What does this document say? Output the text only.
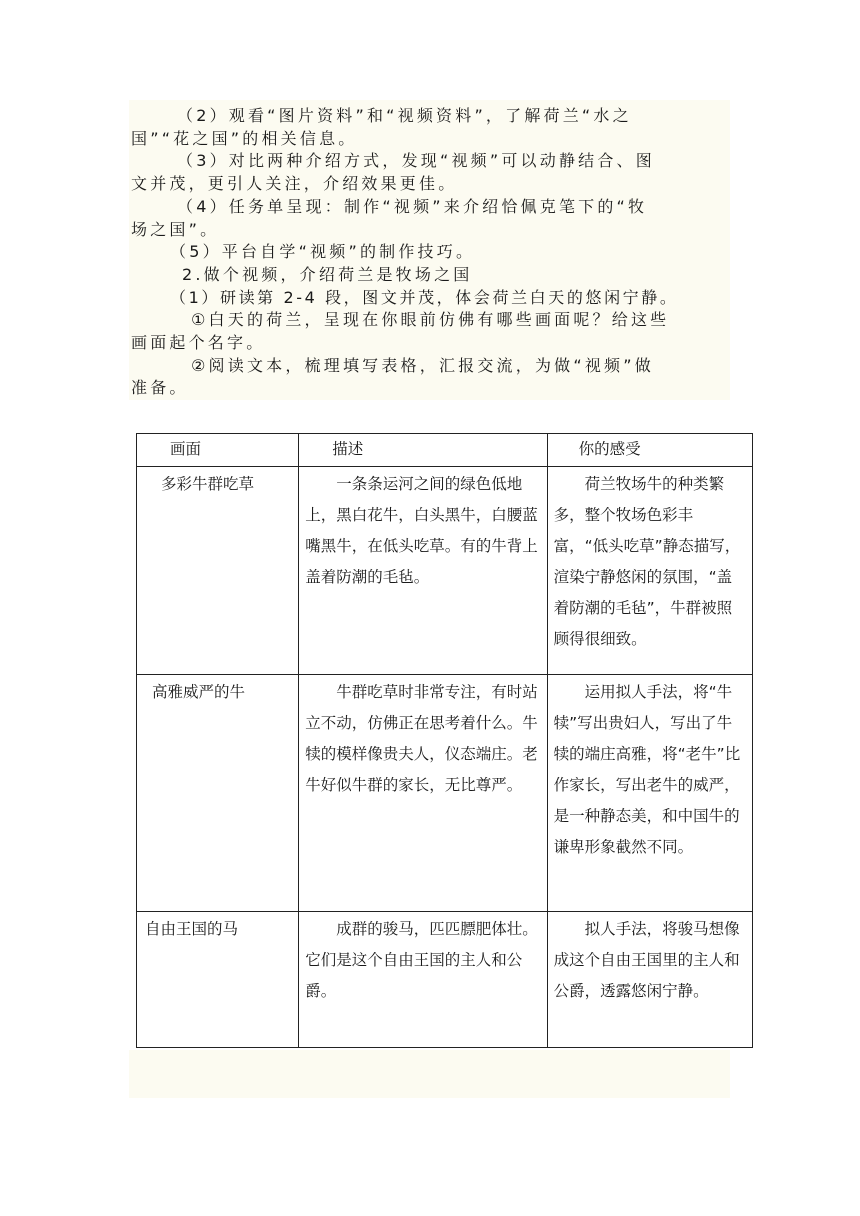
（2）观看“图片资料”和“视频资料”，了解荷兰“水之
国”“花之国”的相关信息。
（3）对比两种介绍方式，发现“视频”可以动静结合、图
文并茂，更引人关注，介绍效果更佳。
（4）任务单呈现：制作“视频”来介绍恰佩克笔下的“牧
场之国”。
（5）平台自学“视频”的制作技巧。
2.做个视频，介绍荷兰是牧场之国
（1）研读第 2-4 段，图文并茂，体会荷兰白天的悠闲宁静。
①白天的荷兰，呈现在你眼前仿佛有哪些画面呢？给这些
画面起个名字。
②阅读文本，梳理填写表格，汇报交流，为做“视频”做
准备。
画面	描述	你的感受

多彩牛群吃草	一条条运河之间的绿色低地上，黑白花牛，白头黑牛，白腰蓝嘴黑牛，在低头吃草。有的牛背上盖着防潮的毛毡。	荷兰牧场牛的种类繁多，整个牧场色彩丰富，“低头吃草”静态描写，渲染宁静悠闲的氛围，“盖着防潮的毛毡”，牛群被照顾得很细致。

高雅威严的牛	牛群吃草时非常专注，有时站立不动，仿佛正在思考着什么。牛犊的模样像贵夫人，仪态端庄。老牛好似牛群的家长，无比尊严。	运用拟人手法，将“牛犊”写出贵妇人，写出了牛犊的端庄高雅，将“老牛”比作家长，写出老牛的威严，是一种静态美，和中国牛的谦卑形象截然不同。

自由王国的马	成群的骏马，匹匹膘肥体壮。它们是这个自由王国的主人和公爵。	拟人手法，将骏马想像成这个自由王国里的主人和公爵，透露悠闲宁静。
